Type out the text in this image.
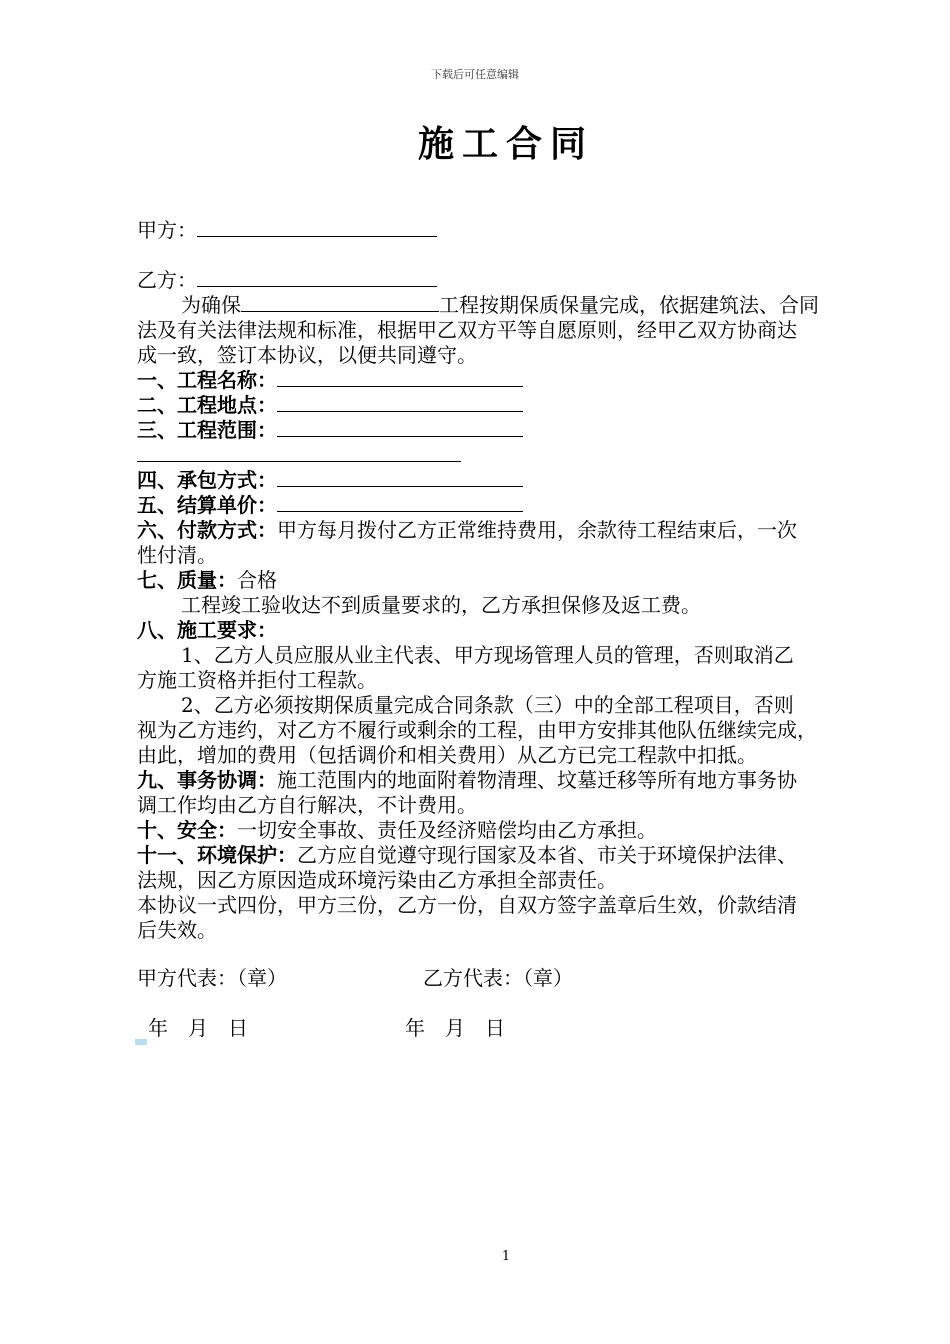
下载后可任意编辑
施工合同
甲方：
乙方：
为确保	工程按期保质保量完成，依据建筑法、合同
法及有关法律法规和标准，根据甲乙双方平等自愿原则，经甲乙双方协商达
成一致，签订本协议，以便共同遵守。
一、工程名称：
二、工程地点：
三、工程范围：
四、承包方式：
五、结算单价：
六、付款方式：甲方每月拨付乙方正常维持费用，余款待工程结束后，一次
性付清。
七、质量：合格
工程竣工验收达不到质量要求的，乙方承担保修及返工费。
八、施工要求：
1、乙方人员应服从业主代表、甲方现场管理人员的管理，否则取消乙
方施工资格并拒付工程款。
2、乙方必须按期保质量完成合同条款（三）中的全部工程项目，否则
视为乙方违约，对乙方不履行或剩余的工程，由甲方安排其他队伍继续完成，
由此，增加的费用（包括调价和相关费用）从乙方已完工程款中扣抵。
九、事务协调：施工范围内的地面附着物清理、坟墓迁移等所有地方事务协
调工作均由乙方自行解决，不计费用。
十、安全：一切安全事故、责任及经济赔偿均由乙方承担。
十一、环境保护：乙方应自觉遵守现行国家及本省、市关于环境保护法律、
法规，因乙方原因造成环境污染由乙方承担全部责任。
本协议一式四份，甲方三份，乙方一份，自双方签字盖章后生效，价款结清
后失效。
甲方代表：（章）	乙方代表：（章）
年　月　日	年　月　日
1
